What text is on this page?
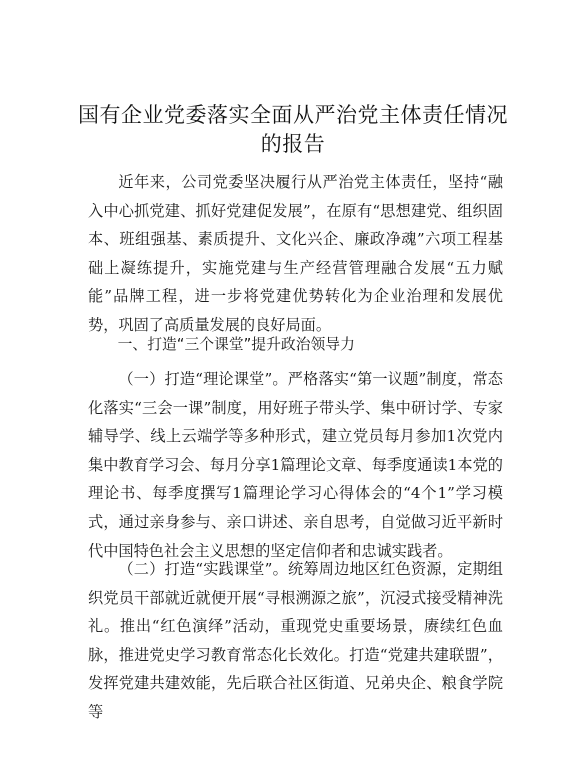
国有企业党委落实全面从严治党主体责任情况
的报告

近年来，公司党委坚决履行从严治党主体责任，坚持“融入中心抓党建、抓好党建促发展”，在原有“思想建党、组织固本、班组强基、素质提升、文化兴企、廉政净魂”六项工程基础上凝练提升，实施党建与生产经营管理融合发展“五力赋能”品牌工程，进一步将党建优势转化为企业治理和发展优势，巩固了高质量发展的良好局面。

一、打造“三个课堂”提升政治领导力

（一）打造“理论课堂”。严格落实“第一议题”制度，常态化落实“三会一课”制度，用好班子带头学、集中研讨学、专家辅导学、线上云端学等多种形式，建立党员每月参加1次党内集中教育学习会、每月分享1篇理论文章、每季度通读1本党的理论书、每季度撰写1篇理论学习心得体会的“4个1”学习模式，通过亲身参与、亲口讲述、亲自思考，自觉做习近平新时代中国特色社会主义思想的坚定信仰者和忠诚实践者。

（二）打造“实践课堂”。统筹周边地区红色资源，定期组织党员干部就近就便开展“寻根溯源之旅”，沉浸式接受精神洗礼。推出“红色演绎”活动，重现党史重要场景，赓续红色血脉，推进党史学习教育常态化长效化。打造“党建共建联盟”，发挥党建共建效能，先后联合社区街道、兄弟央企、粮食学院等
